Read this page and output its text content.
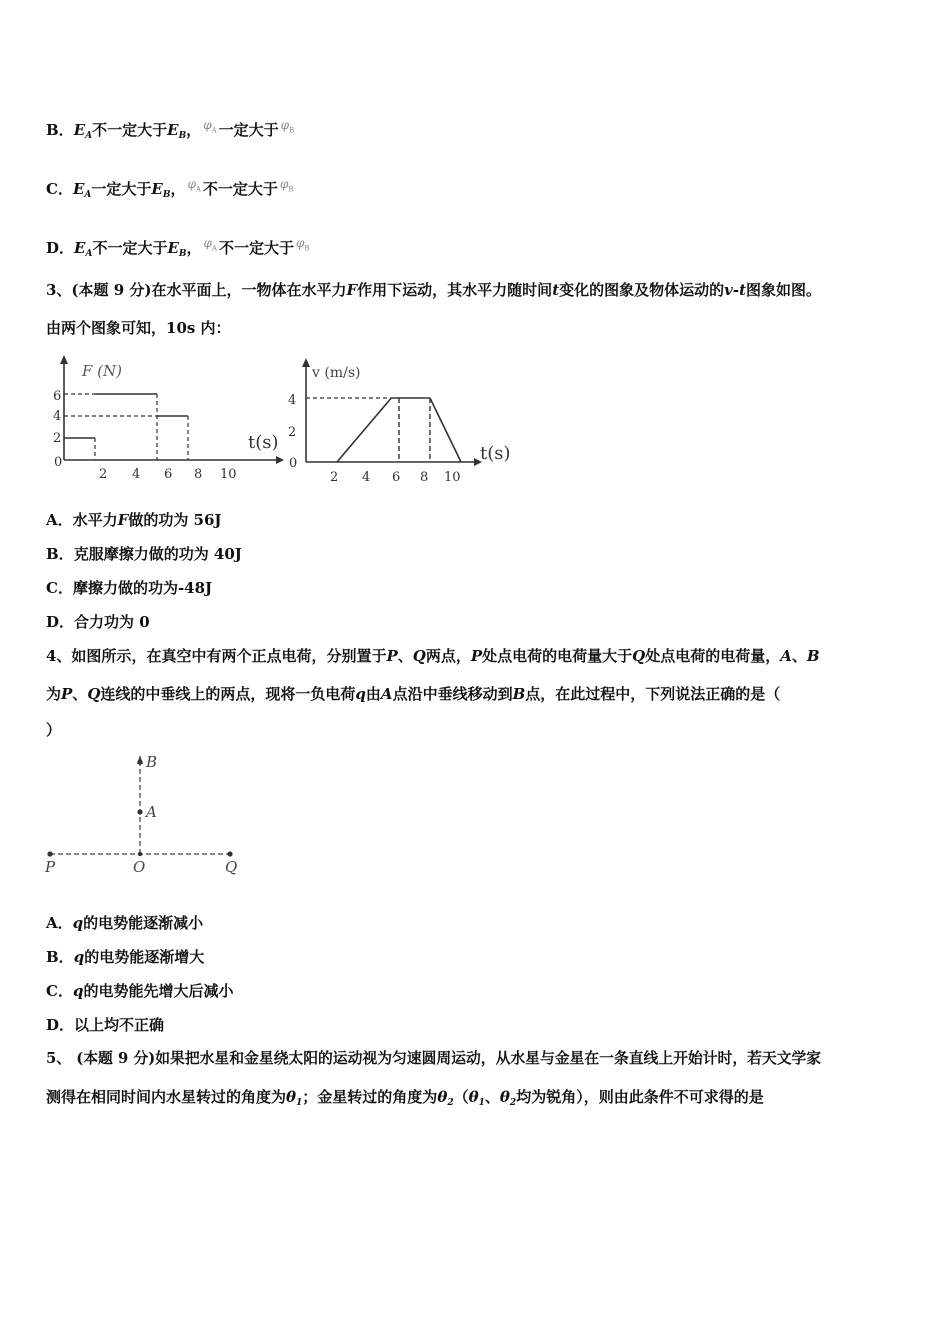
B．$E_A$不一定大于$E_B$， $^{\varphi_A}$ 一定大于 $^{\varphi_B}$
C．$E_A$一定大于$E_B$， $^{\varphi_A}$ 不一定大于 $^{\varphi_B}$
D．$E_A$不一定大于$E_B$， $^{\varphi_A}$ 不一定大于 $^{\varphi_B}$
3、(本题 9 分)在水平面上，一物体在水平力F作用下运动，其水平力随时间t变化的图象及物体运动的v-t图象如图。
由两个图象可知，10s 内：
F (N)
t(s)
0
6
4
2
2 4 6 8 10
v (m/s)
t(s)
0
4
2
2 4 6 8 10
A．水平力F做的功为 56J
B．克服摩擦力做的功为 40J
C．摩擦力做的功为-48J
D．合力功为 0
4、如图所示，在真空中有两个正点电荷，分别置于P、Q两点，P处点电荷的电荷量大于Q处点电荷的电荷量，A、B
为P、Q连线的中垂线上的两点，现将一负电荷q由A点沿中垂线移动到B点，在此过程中，下列说法正确的是（
）
P	O	Q
A
B
A．q的电势能逐渐减小
B．q的电势能逐渐增大
C．q的电势能先增大后减小
D．以上均不正确
5、 (本题 9 分)如果把水星和金星绕太阳的运动视为匀速圆周运动，从水星与金星在一条直线上开始计时，若天文学家
测得在相同时间内水星转过的角度为$\theta_1$；金星转过的角度为$\theta_2(\theta_1$、$\theta_2$均为锐角），则由此条件不可求得的是
